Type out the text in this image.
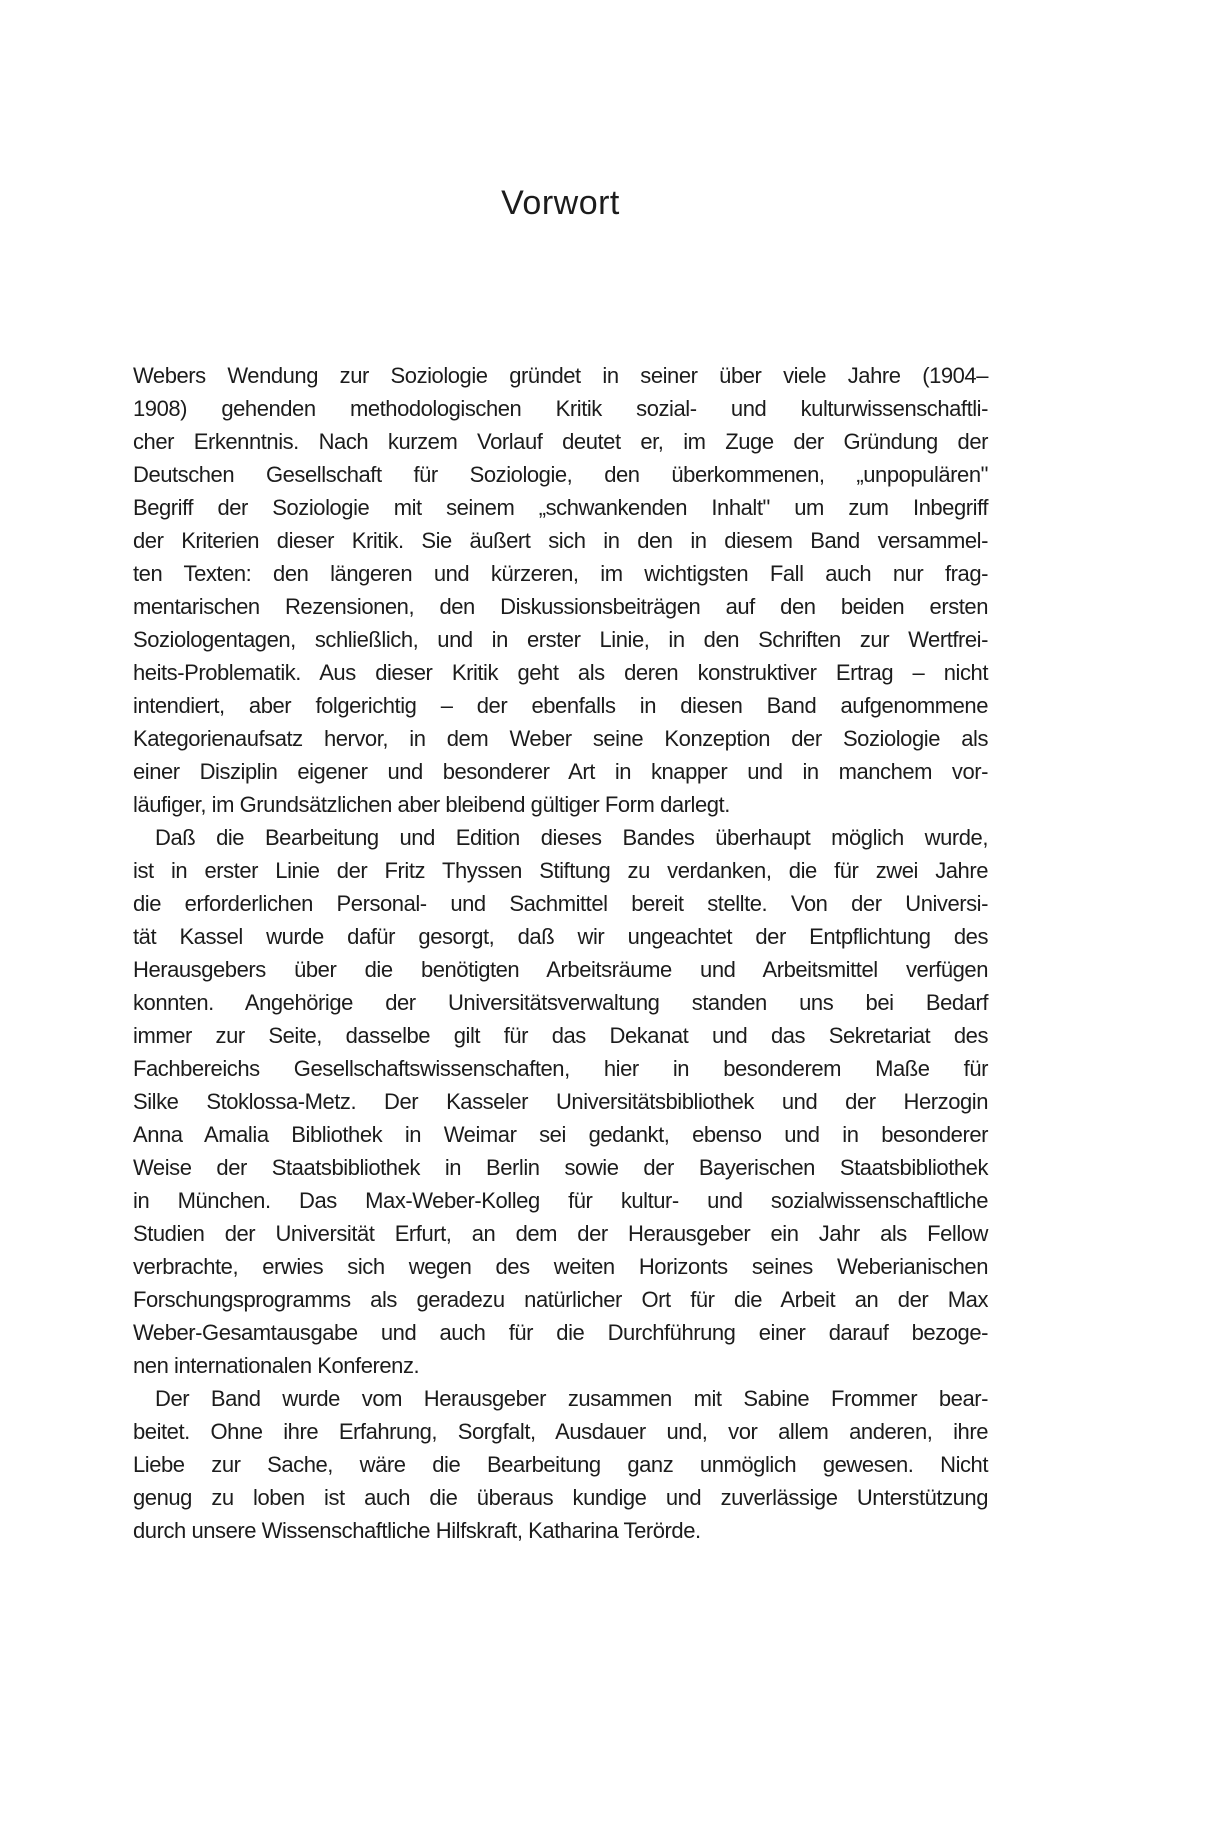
Vorwort
Webers Wendung zur Soziologie gründet in seiner über viele Jahre (1904–
1908) gehenden methodologischen Kritik sozial- und kulturwissenschaftli-
cher Erkenntnis. Nach kurzem Vorlauf deutet er, im Zuge der Gründung der
Deutschen Gesellschaft für Soziologie, den überkommenen, „unpopulären"
Begriff der Soziologie mit seinem „schwankenden Inhalt" um zum Inbegriff
der Kriterien dieser Kritik. Sie äußert sich in den in diesem Band versammel-
ten Texten: den längeren und kürzeren, im wichtigsten Fall auch nur frag-
mentarischen Rezensionen, den Diskussionsbeiträgen auf den beiden ersten
Soziologentagen, schließlich, und in erster Linie, in den Schriften zur Wertfrei-
heits-Problematik. Aus dieser Kritik geht als deren konstruktiver Ertrag – nicht
intendiert, aber folgerichtig – der ebenfalls in diesen Band aufgenommene
Kategorienaufsatz hervor, in dem Weber seine Konzeption der Soziologie als
einer Disziplin eigener und besonderer Art in knapper und in manchem vor-
läufiger, im Grundsätzlichen aber bleibend gültiger Form darlegt.
Daß die Bearbeitung und Edition dieses Bandes überhaupt möglich wurde,
ist in erster Linie der Fritz Thyssen Stiftung zu verdanken, die für zwei Jahre
die erforderlichen Personal- und Sachmittel bereit stellte. Von der Universi-
tät Kassel wurde dafür gesorgt, daß wir ungeachtet der Entpflichtung des
Herausgebers über die benötigten Arbeitsräume und Arbeitsmittel verfügen
konnten. Angehörige der Universitätsverwaltung standen uns bei Bedarf
immer zur Seite, dasselbe gilt für das Dekanat und das Sekretariat des
Fachbereichs Gesellschaftswissenschaften, hier in besonderem Maße für
Silke Stoklossa-Metz. Der Kasseler Universitätsbibliothek und der Herzogin
Anna Amalia Bibliothek in Weimar sei gedankt, ebenso und in besonderer
Weise der Staatsbibliothek in Berlin sowie der Bayerischen Staatsbibliothek
in München. Das Max-Weber-Kolleg für kultur- und sozialwissenschaftliche
Studien der Universität Erfurt, an dem der Herausgeber ein Jahr als Fellow
verbrachte, erwies sich wegen des weiten Horizonts seines Weberianischen
Forschungsprogramms als geradezu natürlicher Ort für die Arbeit an der Max
Weber-Gesamtausgabe und auch für die Durchführung einer darauf bezoge-
nen internationalen Konferenz.
Der Band wurde vom Herausgeber zusammen mit Sabine Frommer bear-
beitet. Ohne ihre Erfahrung, Sorgfalt, Ausdauer und, vor allem anderen, ihre
Liebe zur Sache, wäre die Bearbeitung ganz unmöglich gewesen. Nicht
genug zu loben ist auch die überaus kundige und zuverlässige Unterstützung
durch unsere Wissenschaftliche Hilfskraft, Katharina Terörde.
